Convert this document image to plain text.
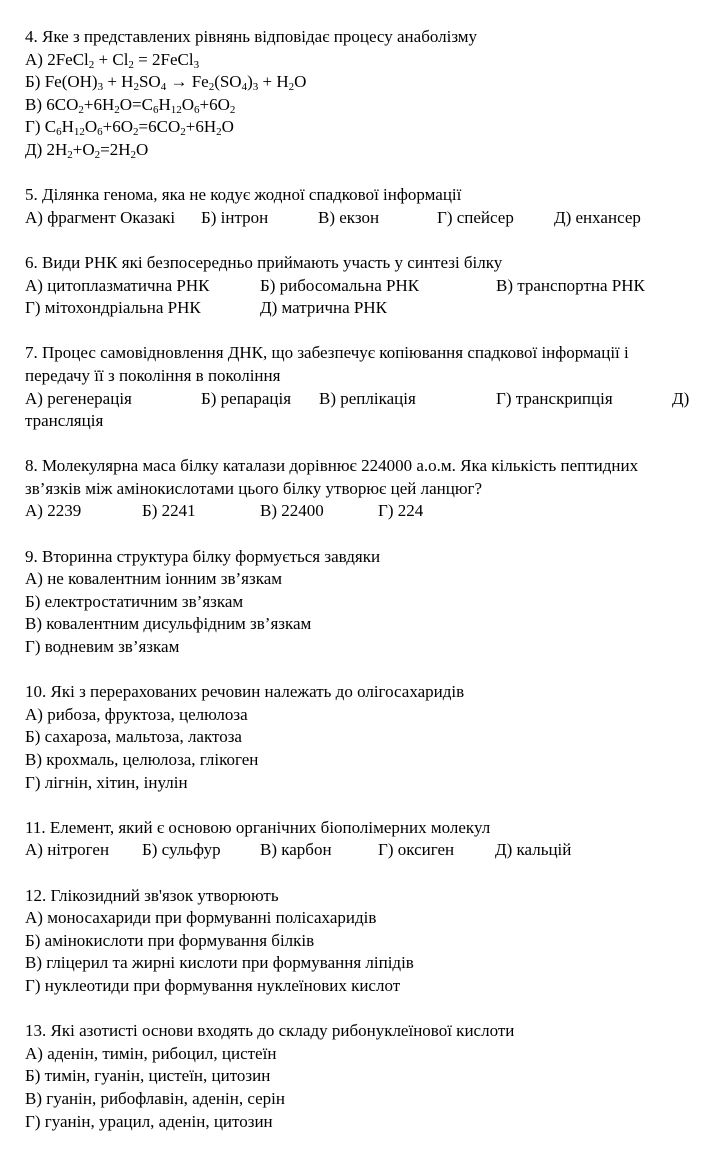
4. Яке з представлених рівнянь відповідає процесу анаболізму
А) 2FeCl$_2$ + $Cl_2$ = 2FeCl$_3$
Б) $Fe(OH)_3 + H_2SO_4 \to Fe_2(SO_4)_3 + H_2O$
В) $6CO_2+6H_2O=C_6H_{12}O_6+6O_2$
Г) $C_6H_{12}O_6+6O_2=6CO_2+6H_2O$
Д) $2H_2+O_2=2H_2O$
5. Ділянка генома, яка не кодує жодної спадкової інформації
А) фрагмент Оказакі Б) інтрон	В) екзон	Г) спейсер Д) енхансер
6. Види РНК які безпосередньо приймають участь у синтезі білку
А) цитоплазматична РНК	Б) рибосомальна РНК	В) транспортна РНК
Г) мітохондріальна РНК	Д) матрична РНК
7. Процес самовідновлення ДНК, що забезпечує копіювання спадкової інформації і
передачу її з покоління в покоління
А) регенерація	Б) репарація В) реплікація	Г) транскрипція	Д)
трансляція
8. Молекулярна маса білку каталази дорівнює 224000 а.о.м. Яка кількість пептидних
зв’язків між амінокислотами цього білку утворює цей ланцюг?
А) 2239	Б) 2241	В) 22400	Г) 224
9. Вторинна структура білку формується завдяки
А) не ковалентним іонним зв’язкам
Б) електростатичним зв’язкам
В) ковалентним дисульфідним зв’язкам
Г) водневим зв’язкам
10. Які з перерахованих речовин належать до олігосахаридів
А) рибоза, фруктоза, целюлоза
Б) сахароза, мальтоза, лактоза
В) крохмаль, целюлоза, глікоген
Г) лігнін, хітин, інулін
11. Елемент, який є основою органічних біополімерних молекул
А) нітроген Б) сульфур В) карбон	Г) оксиген Д) кальцій
12. Глікозидний зв'язок утворюють
А) моносахариди при формуванні полісахаридів
Б) амінокислоти при формування білків
В) гліцерил та жирні кислоти при формування ліпідів
Г) нуклеотиди при формування нуклеїнових кислот
13. Які азотисті основи входять до складу рибонуклеїнової кислоти
А) аденін, тимін, рибоцил, цистеїн
Б) тимін, гуанін, цистеїн, цитозин
В) гуанін, рибофлавін, аденін, серін
Г) гуанін, урацил, аденін, цитозин
